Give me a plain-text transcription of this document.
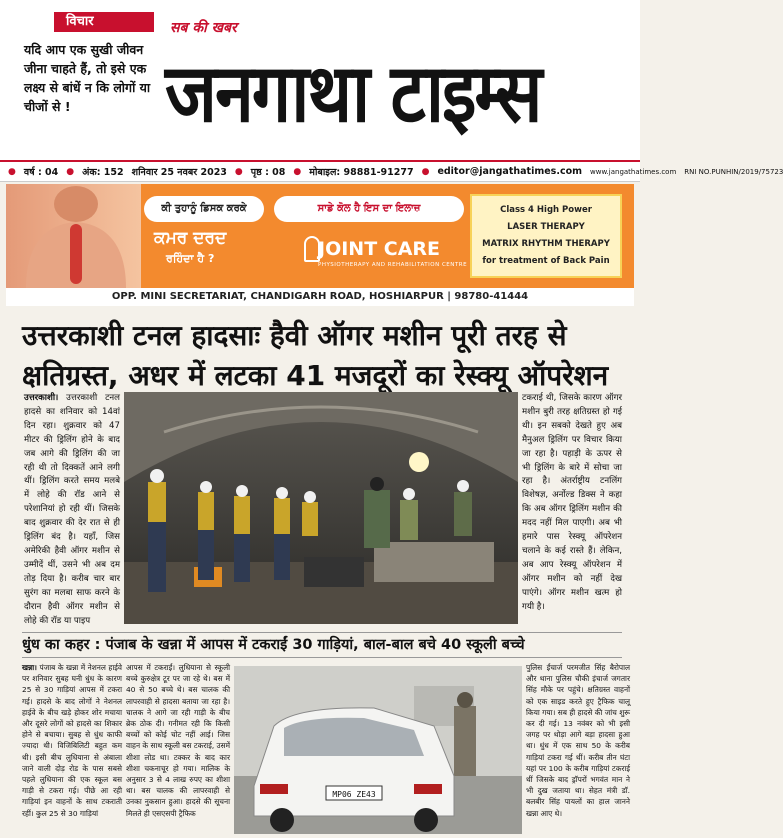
विचार
यदि आप एक सुखी जीवन जीना चाहते हैं, तो इसे एक लक्ष्य से बांधें न कि लोगों या चीजों से !
सब की खबर
जनगाथा टाइम्स
● वर्ष : 04 ● अंक: 152 शनिवार 25 नवबर 2023 ● पृष्ठ : 08 ● मोबाइल: 98881-91277 ● editor@jangathatimes.com www.jangathatimes.com RNI NO.PUNHIN/2019/75723
ਕੀ ਤੁਹਾਨੂੰ ਡਿਸਕ ਕਰਕੇ
ਕਮਰ ਦਰਦ
ਰਹਿੰਦਾ ਹੈ ?
ਸਾਡੇ ਕੋਲ ਹੈ ਇਸ ਦਾ ਇਲਾਜ਼
JOINT CARE
PHYSIOTHERAPY AND REHABILITATION CENTRE
Class 4 High Power
LASER THERAPY
MATRIX RHYTHM THERAPY
for treatment of Back Pain
OPP. MINI SECRETARIAT, CHANDIGARH ROAD, HOSHIARPUR | 98780-41444
उत्तरकाशी टनल हादसाः हैवी ऑगर मशीन पूरी तरह से क्षतिग्रस्त, अधर में लटका 41 मजदूरों का रेस्क्यू ऑपरेशन
उत्तरकाशी। उत्तरकाशी टनल हादसे का शनिवार को 14वां दिन रहा। शुक्रवार को 47 मीटर की ड्रिलिंग होने के बाद जब आगे की ड्रिलिंग की जा रही थी तो दिक्कतें आने लगी थीं। ड्रिलिंग करते समय मलबे में लोहे की रॉड आने से परेशानियां हो रही थीं। जिसके बाद शुक्रवार की देर रात से ही ड्रिलिंग बंद है। यहाँ, जिस अमेरिकी हैवी ऑगर मशीन से उम्मीदें थीं, उसने भी अब दम तोड़ दिया है। करीब चार बार सुरंग का मलबा साफ करने के दौरान हैवी ऑगर मशीन से लोहे की रॉड या पाइप
टकराई थी, जिसके कारण ऑगर मशीन बुरी तरह क्षतिग्रस्त हो गई थी। इन सबको देखते हुए अब मैनुअल ड्रिलिंग पर विचार किया जा रहा है। पहाड़ी के ऊपर से भी ड्रिलिंग के बारे में सोचा जा रहा है। अंतर्राष्ट्रीय टनलिंग विशेषज्ञ, अर्नोल्ड डिक्स ने कहा कि अब ऑगर ड्रिलिंग मशीन की मदद नहीं मिल पाएगी। अब भी हमारे पास रेस्क्यू ऑपरेशन चलाने के कई रास्ते हैं। लेकिन, अब आप रेस्क्यू ऑपरेशन में ऑगर मशीन को नहीं देख पाएंगे। ऑगर मशीन खत्म हो गयी है।
धुंध का कहर : पंजाब के खन्ना में आपस में टकराईं 30 गाड़ियां, बाल-बाल बचे 40 स्कूली बच्चे
खन्ना। पंजाब के खन्ना में नेशनल हाईवे पर शनिवार सुबह घनी धुंध के कारण 25 से 30 गाड़ियां आपस में टकरा गई। हादसे के बाद लोगों ने नेशनल हाईवे के बीच खड़े होकर शोर मचाया और दूसरे लोगों को हादसे का शिकार होने से बचाया। सुबह से धुंध काफी ज्यादा थी। विजिबिलिटी बहुत कम थी। इसी बीच लुधियाना से अंबाला जाने वाली दोड़ रोड के पास सबसे पहले लुधियाना की एक स्कूल बस गाड़ी से टकरा गई। पीछे आ रही गाड़ियां इन वाहनों के साथ टकराती रहीं। कुल 25 से 30 गाड़ियां
आपस में टकराईं। लुधियाना से स्कूली बच्चे कुरुक्षेत्र टूर पर जा रहे थे। बस में 40 से 50 बच्चे थे। बस चालक की लापरवाही से हादसा बताया जा रहा है। चालक ने आगे जा रही गाड़ी के बीच ब्रेक ठोक दी। गनीमत रही कि किसी बच्चों को कोई चोट नहीं आई। जिस वाहन के साथ स्कूली बस टकराई, उसमें शीशा लोड था। टक्कर के बाद कार शीशा चकनाचूर हो गया। मालिक के अनुसार 3 से 4 लाख रुपए का शीशा था। बस चालक की लापरवाही से उनका नुकसान हुआ। हादसे की सूचना मिलते ही एसएसपी ट्रैफिक
MP06 ZE43
पुलिस ईंचार्ज परमजीत सिंह बैरोपाल और थाना पुलिस चौकी इंचार्ज जगतार सिंह मौके पर पहुंचे। क्षतिग्रस्त वाहनों को एक साइड करते हुए ट्रैफिक चालू किया गया। सब ही हादसे की जांच शुरू कर दी गई। 13 नवंबर को भी इसी जगह पर थोड़ा आगे बड़ा हादसा हुआ था। धुंध में एक साथ 50 के करीब गाड़ियां टकरा गई थीं। करीब तीन घंटा यहां पर 100 के करीब गाड़ियां टकराई थीं जिसके बाद ड्रॉपरों भगवंत मान ने भी दुख जताया था। सेहत मंत्री डॉ. बलबीर सिंह पायलों का हाल जानने खन्ना आए थे।
